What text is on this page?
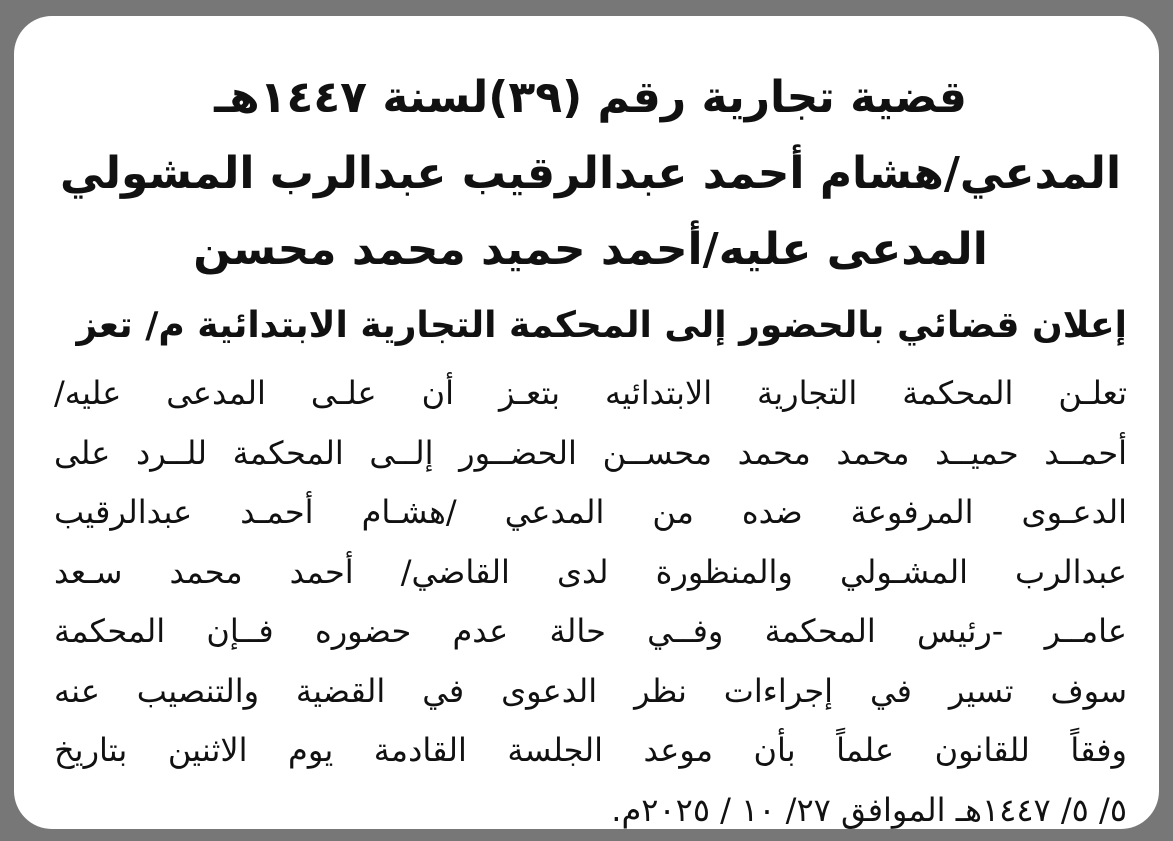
قضية تجارية رقم (٣٩)لسنة ١٤٤٧هـ

المدعي/هشام أحمد عبدالرقيب عبدالرب المشولي

المدعى عليه/أحمد حميد محمد محسن

إعلان قضائي بالحضور إلى المحكمة التجارية الابتدائية م/ تعز

تعلـن المحكمة التجارية الابتدائيه بتعـز أن علـى المدعى عليه/
أحمــد حميــد محمد محمد محســن الحضــور إلــى المحكمة للــرد على
الدعـوى المرفوعة ضده من المدعي /هشـام أحمـد عبدالرقيب
عبدالرب المشـولي والمنظورة لدى القاضي/ أحمد محمد سـعد
عامــر -رئيس المحكمة وفــي حالة عدم حضوره فــإن المحكمة
سوف تسير في إجراءات نظر الدعوى في القضية والتنصيب عنه
وفقاً للقانون علماً بأن موعد الجلسة القادمة يوم الاثنين بتاريخ
٥/ ٥/ ١٤٤٧هـ الموافق ٢٧/ ١٠ / ٢٠٢٥م.
